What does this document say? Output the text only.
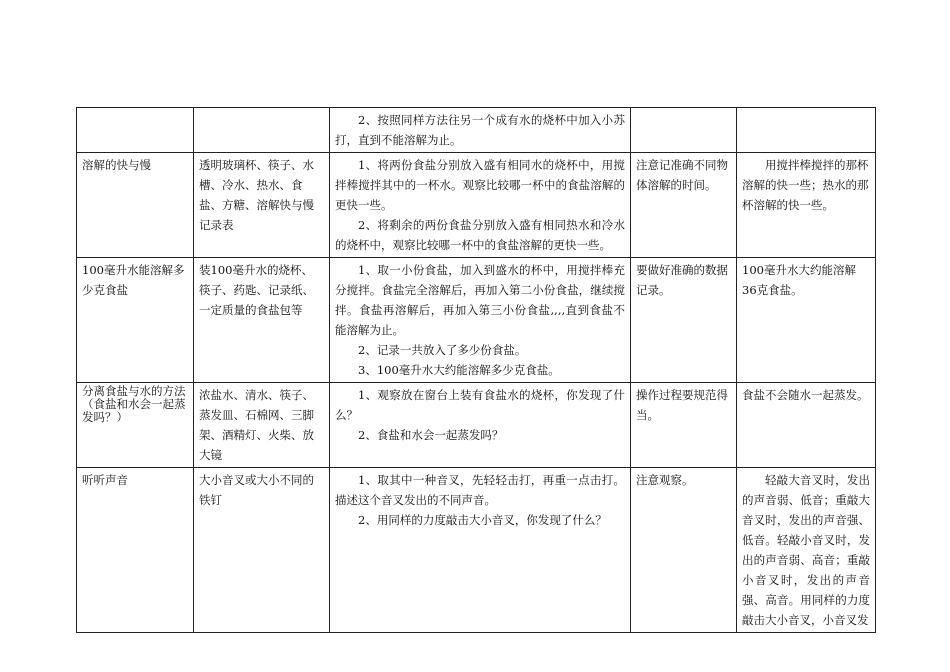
		2、按照同样方法往另一个成有水的烧杯中加入小苏打，直到不能溶解为止。		

溶解的快与慢	透明玻璃杯、筷子、水槽、冷水、热水、食盐、方糖、溶解快与慢记录表	1、将两份食盐分别放入盛有相同水的烧杯中，用搅拌棒搅拌其中的一杯水。观察比较哪一杯中的食盐溶解的更快一些。
2、将剩余的两份食盐分别放入盛有相同热水和冷水的烧杯中，观察比较哪一杯中的食盐溶解的更快一些。	注意记准确不同物体溶解的时间。	用搅拌棒搅拌的那杯溶解的快一些；热水的那杯溶解的快一些。
100毫升水能溶解多少克食盐	装100毫升水的烧杯、筷子、药匙、记录纸、一定质量的食盐包等	1、取一小份食盐，加入到盛水的杯中，用搅拌棒充分搅拌。食盐完全溶解后，再加入第二小份食盐，继续搅拌。食盐再溶解后，再加入第三小份食盐,,,,直到食盐不能溶解为止。
2、记录一共放入了多少份食盐。
3、100毫升水大约能溶解多少克食盐。	要做好准确的数据记录。	100毫升水大约能溶解36克食盐。
分离食盐与水的方法（食盐和水会一起蒸发吗？）	浓盐水、清水、筷子、蒸发皿、石棉网、三脚架、酒精灯、火柴、放大镜	1、观察放在窗台上装有食盐水的烧杯，你发现了什么？
2、食盐和水会一起蒸发吗？	操作过程要规范得当。	食盐不会随水一起蒸发。
听听声音	大小音叉或大小不同的铁钉	1、取其中一种音叉，先轻轻击打，再重一点击打。描述这个音叉发出的不同声音。
2、用同样的力度敲击大小音叉，你发现了什么？	注意观察。	轻敲大音叉时，发出的声音弱、低音；重敲大音叉时，发出的声音强、低音。轻敲小音叉时，发出的声音弱、高音；重敲小音叉时，发出的声音强、高音。用同样的力度敲击大小音叉，小音叉发
